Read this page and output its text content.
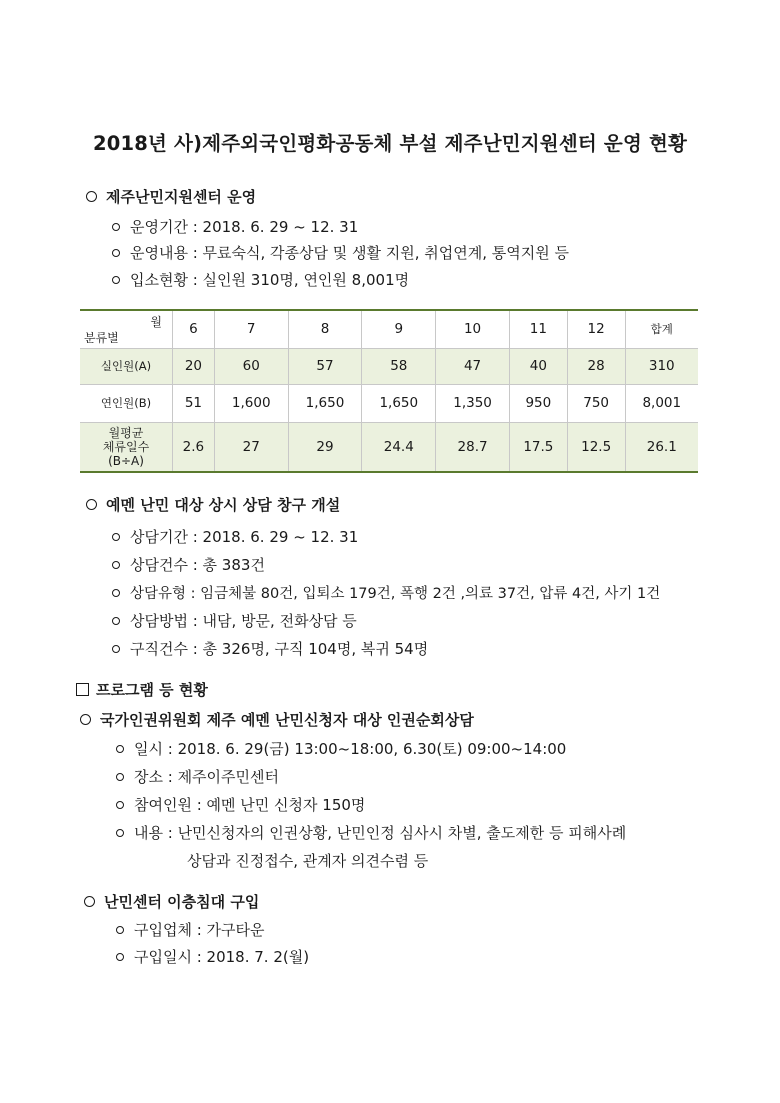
2018년 사)제주외국인평화공동체 부설 제주난민지원센터 운영 현황
제주난민지원센터 운영
운영기간 : 2018. 6. 29 ~ 12. 31
운영내용 : 무료숙식, 각종상담 및 생활 지원, 취업연계, 통역지원 등
입소현황 : 실인원 310명, 연인원 8,001명
월
분류별	6	7	8	9	10	11	12	합계
실인원(A)	20	60	57	58	47	40	28	310
연인원(B)	51	1,600	1,650	1,650	1,350	950	750	8,001

월평균
체류일수
(B÷A)	2.6	27	29	24.4	28.7	17.5	12.5	26.1
예멘 난민 대상 상시 상담 창구 개설
상담기간 : 2018. 6. 29 ~ 12. 31
상담건수 : 총 383건
상담유형 : 임금체불 80건, 입퇴소 179건, 폭행 2건 ,의료 37건, 압류 4건, 사기 1건
상담방법 : 내담, 방문, 전화상담 등
구직건수 : 총 326명, 구직 104명, 복귀 54명
프로그램 등 현황
국가인권위원회 제주 예멘 난민신청자 대상 인권순회상담
일시 : 2018. 6. 29(금) 13:00~18:00, 6.30(토) 09:00~14:00
장소 : 제주이주민센터
참여인원 : 예멘 난민 신청자 150명
내용 : 난민신청자의 인권상황, 난민인정 심사시 차별, 출도제한 등 피해사례
상담과 진정접수, 관계자 의견수렴 등
난민센터 이층침대 구입
구입업체 : 가구타운
구입일시 : 2018. 7. 2(월)
